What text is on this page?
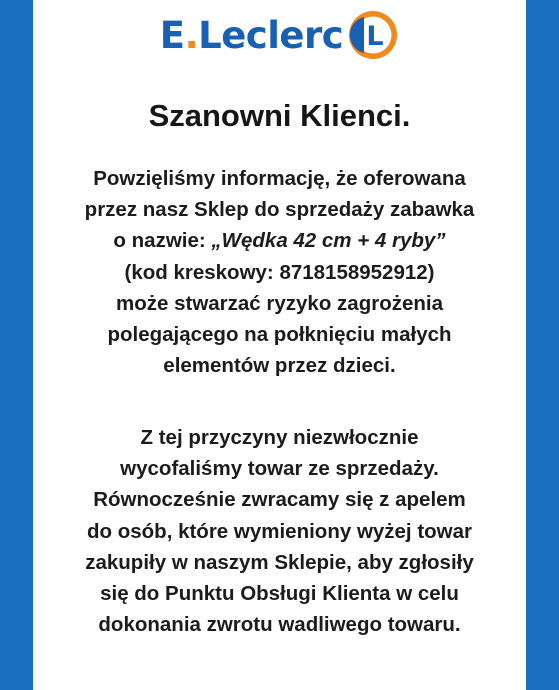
E.Leclerc L
Szanowni Klienci.

Powzięliśmy informację, że oferowana
przez nasz Sklep do sprzedaży zabawka
o nazwie: „Wędka 42 cm + 4 ryby”
(kod kreskowy: 8718158952912)
może stwarzać ryzyko zagrożenia
polegającego na połknięciu małych
elementów przez dzieci.

Z tej przyczyny niezwłocznie
wycofaliśmy towar ze sprzedaży.
Równocześnie zwracamy się z apelem
do osób, które wymieniony wyżej towar
zakupiły w naszym Sklepie, aby zgłosiły
się do Punktu Obsługi Klienta w celu
dokonania zwrotu wadliwego towaru.
